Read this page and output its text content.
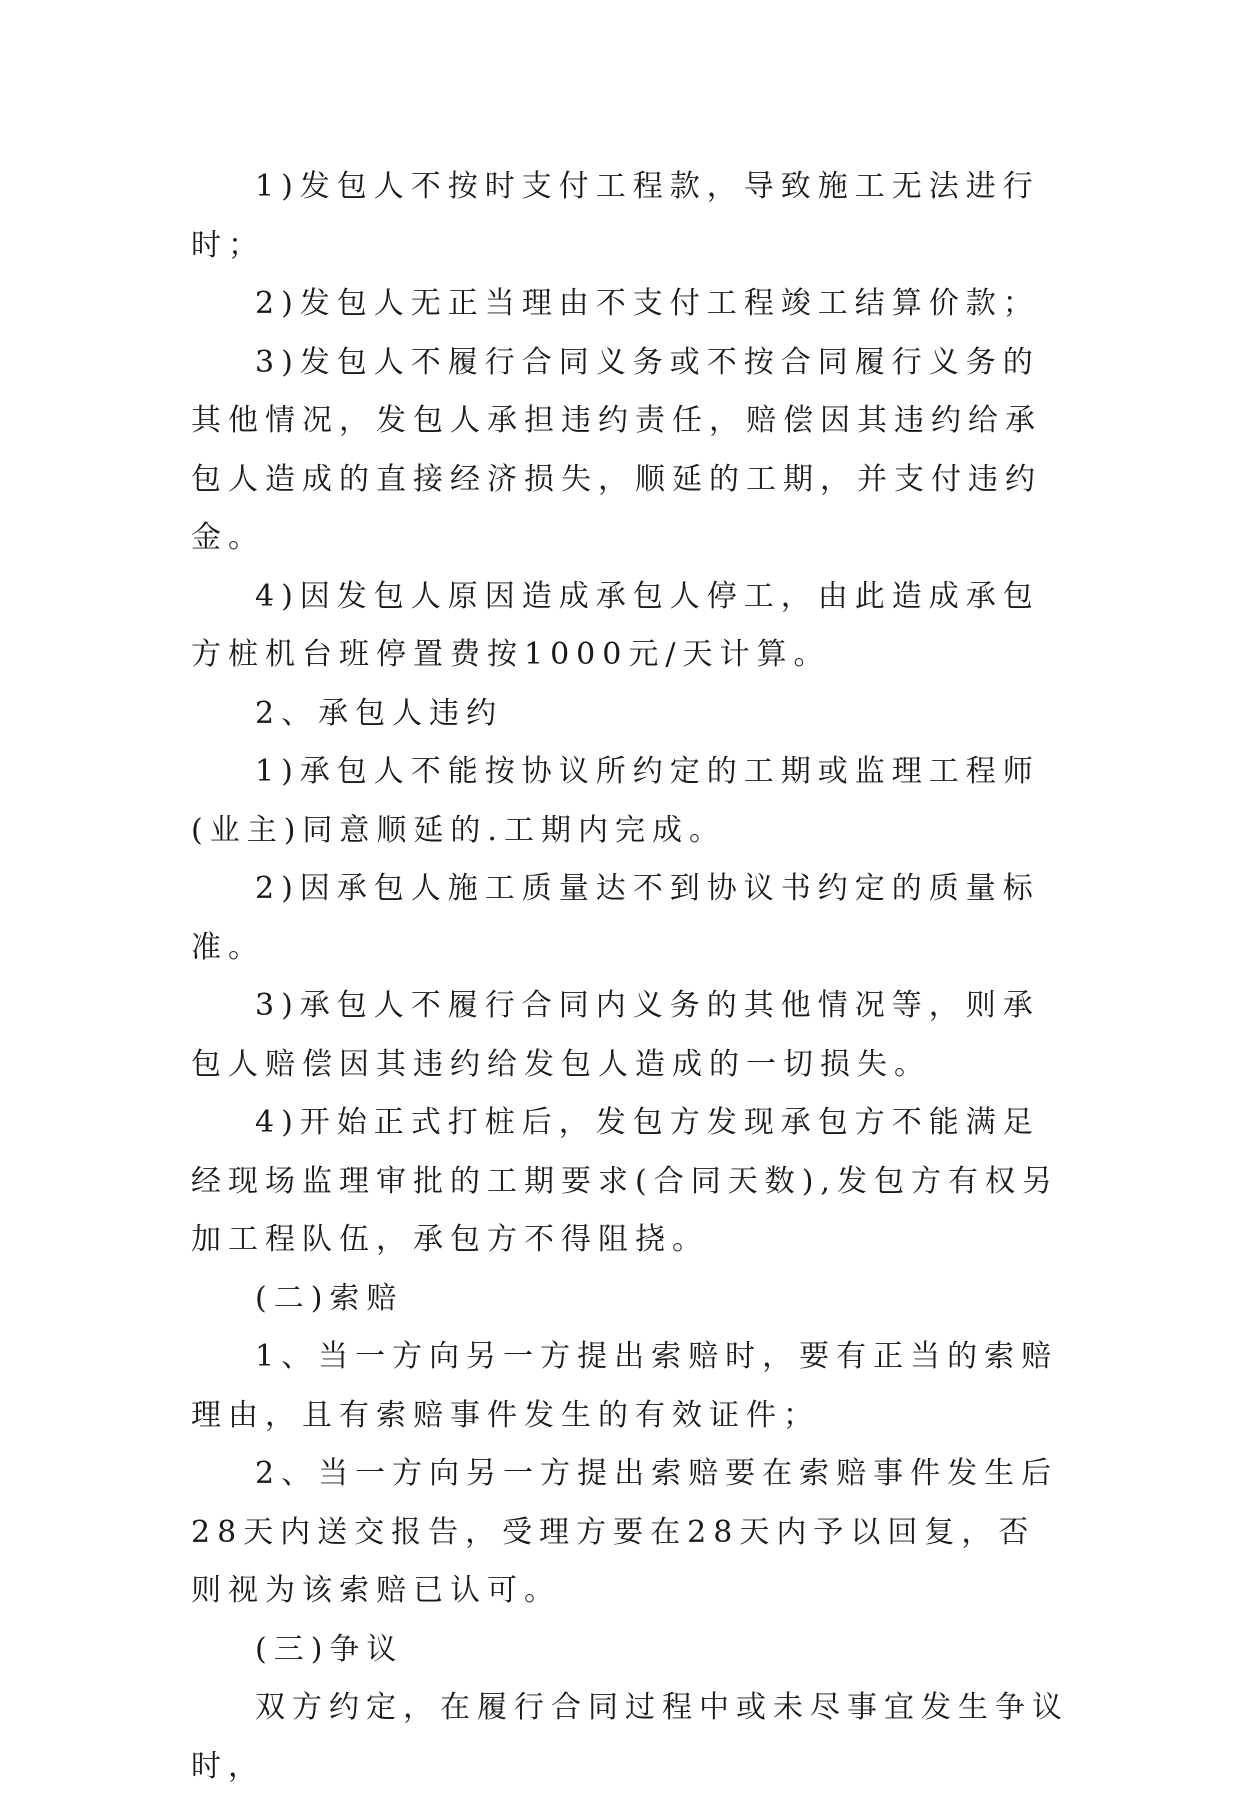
1)发包人不按时支付工程款，导致施工无法进行时；

2)发包人无正当理由不支付工程竣工结算价款；

3)发包人不履行合同义务或不按合同履行义务的其他情况，发包人承担违约责任，赔偿因其违约给承包人造成的直接经济损失，顺延的工期，并支付违约金。

4)因发包人原因造成承包人停工，由此造成承包方桩机台班停置费按1000元/天计算。

2、承包人违约

1)承包人不能按协议所约定的工期或监理工程师(业主)同意顺延的.工期内完成。

2)因承包人施工质量达不到协议书约定的质量标准。

3)承包人不履行合同内义务的其他情况等，则承包人赔偿因其违约给发包人造成的一切损失。

4)开始正式打桩后，发包方发现承包方不能满足经现场监理审批的工期要求(合同天数),发包方有权另加工程队伍，承包方不得阻挠。

(二)索赔

1、当一方向另一方提出索赔时，要有正当的索赔理由，且有索赔事件发生的有效证件；

2、当一方向另一方提出索赔要在索赔事件发生后28天内送交报告，受理方要在28天内予以回复，否则视为该索赔已认可。

(三)争议

双方约定，在履行合同过程中或未尽事宜发生争议时，
